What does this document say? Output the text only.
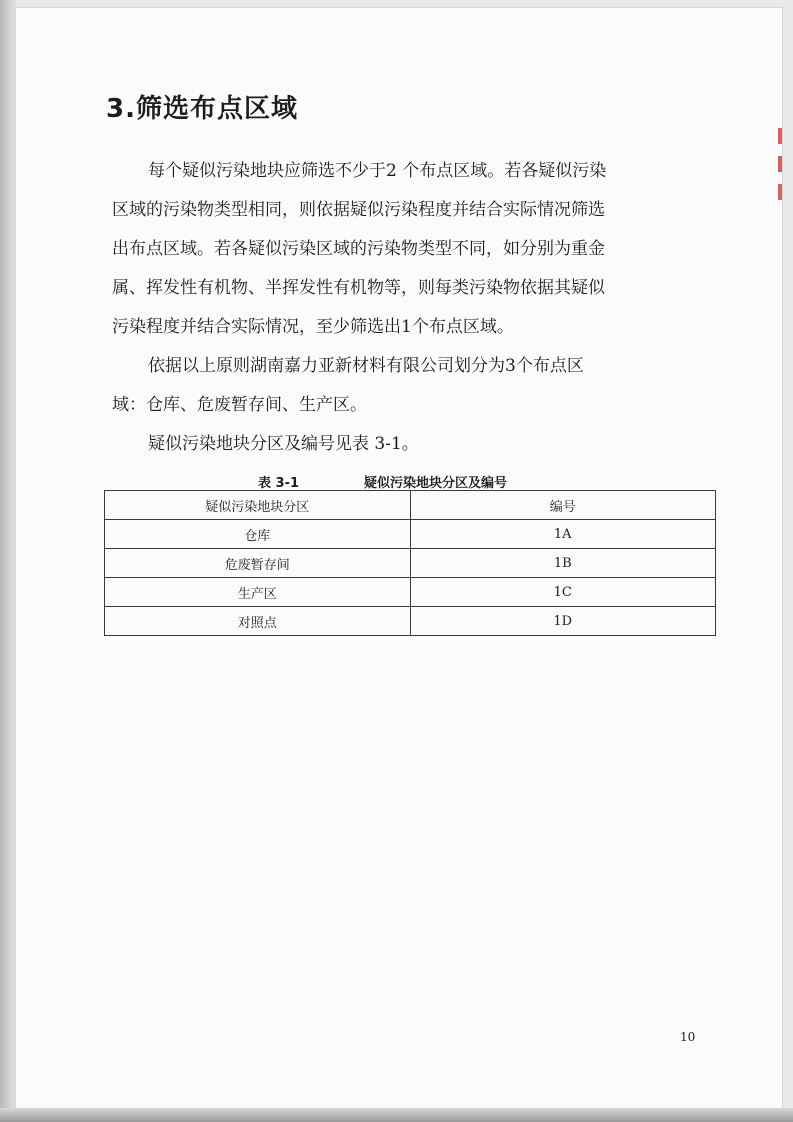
3.筛选布点区域

每个疑似污染地块应筛选不少于2 个布点区域。若各疑似污染
区域的污染物类型相同，则依据疑似污染程度并结合实际情况筛选
出布点区域。若各疑似污染区域的污染物类型不同，如分别为重金
属、挥发性有机物、半挥发性有机物等，则每类污染物依据其疑似
污染程度并结合实际情况，至少筛选出1个布点区域。

依据以上原则湖南嘉力亚新材料有限公司划分为3个布点区
域：仓库、危废暂存间、生产区。

疑似污染地块分区及编号见表 3-1。

表 3-1	疑似污染地块分区及编号
疑似污染地块分区	编号
仓库	1A
危废暂存间	1B
生产区	1C
对照点	1D
10
